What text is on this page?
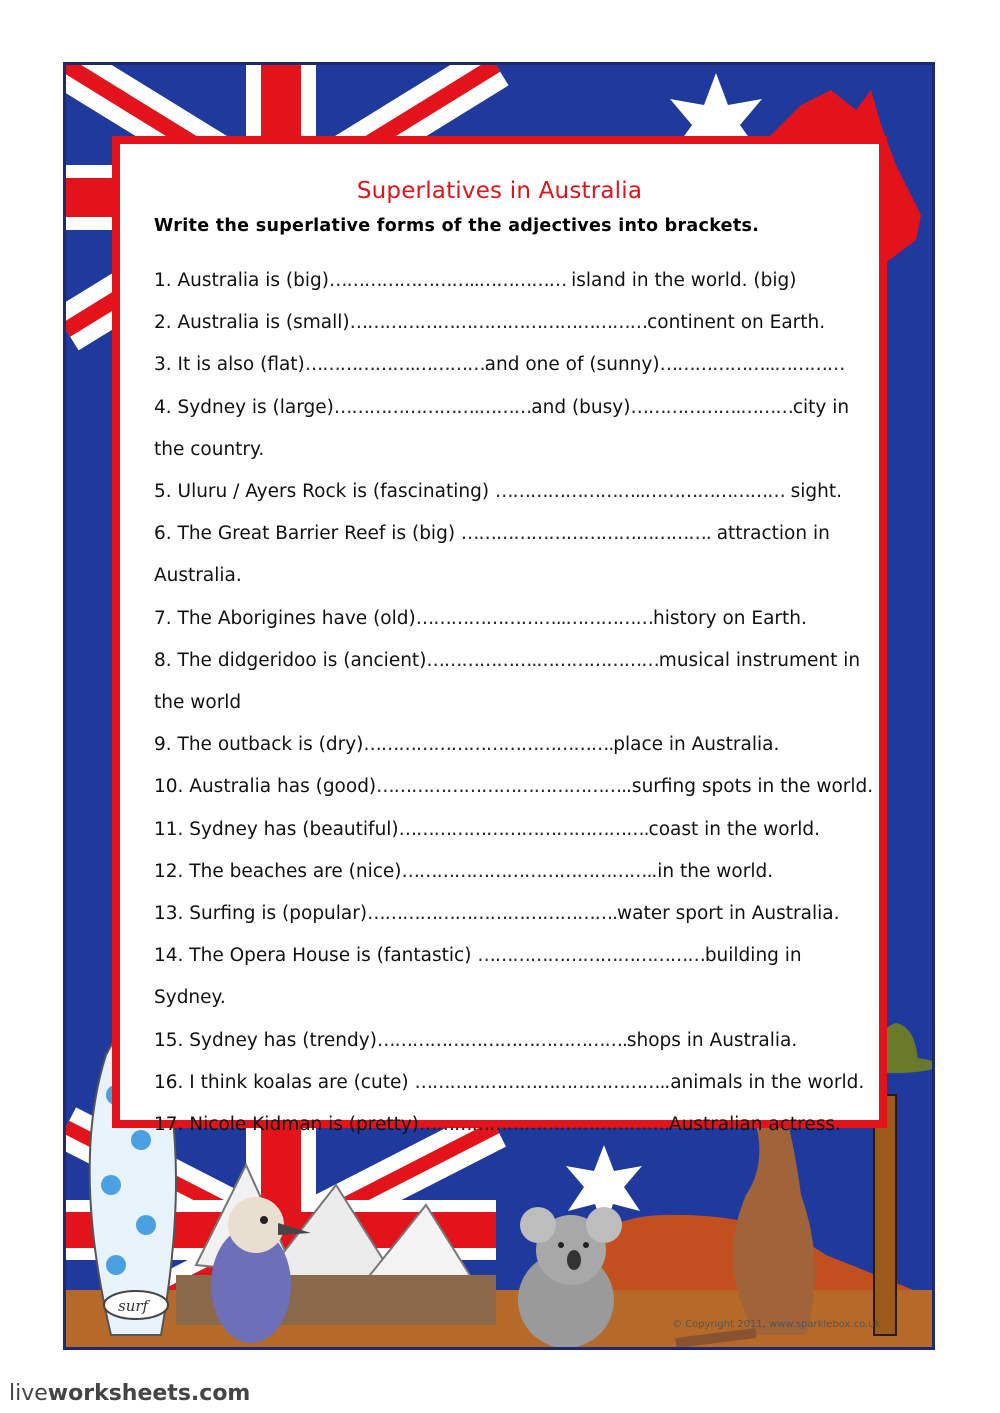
surf
© Copyright 2011, www.sparklebox.co.uk
Superlatives in Australia
Write the superlative forms of the adjectives into brackets.
1. Australia is (big)……………………..…………… island in the world. (big)
2. Australia is (small)……………………………………………continent on Earth.
3. It is also (flat)……………….…………and one of (sunny)………………..…………
4. Sydney is (large)…………………….………and (busy)……………….………city in the country.
5. Uluru / Ayers Rock is (fascinating) ……………………..…………………… sight.
6. The Great Barrier Reef is (big) ……………………………………. attraction in Australia.
7. The Aborigines have (old)……………………..……………history on Earth.
8. The didgeridoo is (ancient)……………….…………………musical instrument in the world
9. The outback is (dry)…………………………………….place in Australia.
10. Australia has (good)……………………………………..surfing spots in the world.
11. Sydney has (beautiful)…………………………………….coast in the world.
12. The beaches are (nice)……………………………………..in the world.
13. Surfing is (popular)…………………………………….water sport in Australia.
14. The Opera House is (fantastic) …………………………………building in Sydney.
15. Sydney has (trendy)…………………………………….shops in Australia.
16. I think koalas are (cute) ……………………………………..animals in the world.
17. Nicole Kidman is (pretty)…………………………………….Australian actress.
liveworksheets.com
